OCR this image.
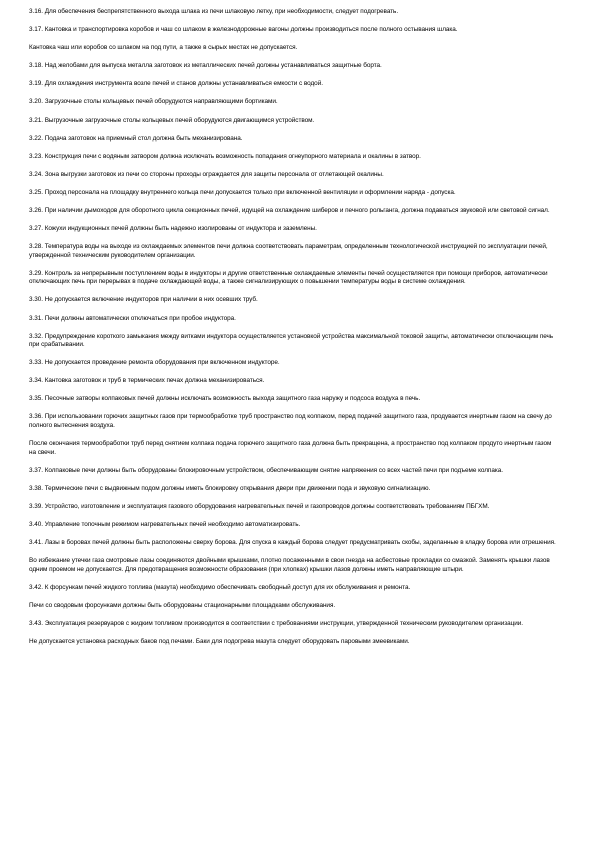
3.16. Для обеспечения беспрепятственного выхода шлака из печи шлаковую летку, при необходимости, следует подогревать.

3.17. Кантовка и транспортировка коробов и чаш со шлаком в железнодорожные вагоны должны производиться после полного остывания шлака.

Кантовка чаш или коробов со шлаком на под пути, а также в сырых местах не допускается.

3.18. Над желобами для выпуска металла заготовок из металлических печей должны устанавливаться защитные борта.

3.19. Для охлаждения инструмента возле печей и станов должны устанавливаться емкости с водой.

3.20. Загрузочные столы кольцевых печей оборудуются направляющими бортиками.

3.21. Выгрузочные загрузочные столы кольцевых печей оборудуются двигающимся устройством.

3.22. Подача заготовок на приемный стол должна быть механизирована.

3.23. Конструкция печи с водяным затвором должна исключать возможность попадания огнеупорного материала и окалины в затвор.

3.24. Зона выгрузки заготовок из печи со стороны проходы ограждается для защиты персонала от отлетающей окалины.

3.25. Проход персонала на площадку внутреннего кольца печи допускается только при включенной вентиляции и оформлении наряда - допуска.

3.26. При наличии дымоходов для оборотного цикла секционных печей, идущей на охлаждение шиберов и печного рольганга, должна подаваться звуковой или световой сигнал.

3.27. Кожухи индукционных печей должны быть надежно изолированы от индуктора и заземлены.

3.28. Температура воды на выходе из охлаждаемых элементов печи должна соответствовать параметрам, определенным технологической инструкцией по эксплуатации печей, утвержденной техническим руководителем организации.

3.29. Контроль за непрерывным поступлением воды в индукторы и другие ответственные охлаждаемые элементы печей осуществляется при помощи приборов, автоматически отключающих печь при перерывах в подаче охлаждающей воды, а также сигнализирующих о повышении температуры воды в системе охлаждения.

3.30. Не допускается включение индукторов при наличии в них осевших труб.

3.31. Печи должны автоматически отключаться при пробое индуктора.

3.32. Предупреждение короткого замыкания между витками индуктора осуществляется установкой устройства максимальной токовой защиты, автоматически отключающим печь при срабатывании.

3.33. Не допускается проведение ремонта оборудования при включенном индукторе.

3.34. Кантовка заготовок и труб в термических печах должна механизироваться.

3.35. Песочные затворы колпаковых печей должны исключать возможность выхода защитного газа наружу и подсоса воздуха в печь.

3.36. При использовании горючих защитных газов при термообработке труб пространство под колпаком, перед подачей защитного газа, продувается инертным газом на свечу до полного вытеснения воздуха.

После окончания термообработки труб перед снятием колпака подача горючего защитного газа должна быть прекращена, а пространство под колпаком продуто инертным газом на свечи.

3.37. Колпаковые печи должны быть оборудованы блокировочным устройством, обеспечивающим снятие напряжения со всех частей печи при подъеме колпака.

3.38. Термические печи с выдвижным подом должны иметь блокировку открывания двери при движении пода и звуковую сигнализацию.

3.39. Устройство, изготовление и эксплуатация газового оборудования нагревательных печей и газопроводов должны соответствовать требованиям ПБГХМ.

3.40. Управление топочным режимом нагревательных печей необходимо автоматизировать.

3.41. Лазы в боровах печей должны быть расположены сверху борова. Для спуска в каждый борова следует предусматривать скобы, заделанные в кладку борова или отрешения.

Во избежание утечки газа смотровые лазы соединяются двойными крышками, плотно посаженными в свои гнезда на асбестовые прокладки со смазкой. Заменять крышки лазов одним проемом не допускается. Для предотвращения возможности образования (при хлопках) крышки лазов должны иметь направляющие штыри.

3.42. К форсункам печей жидкого топлива (мазута) необходимо обеспечивать свободный доступ для их обслуживания и ремонта.

Печи со сводовым форсунками должны быть оборудованы стационарными площадками обслуживания.

3.43. Эксплуатация резервуаров с жидким топливом производится в соответствии с требованиями инструкции, утвержденной техническим руководителем организации.

Не допускается установка расходных баков под печами. Баки для подогрева мазута следует оборудовать паровыми змеевиками.
